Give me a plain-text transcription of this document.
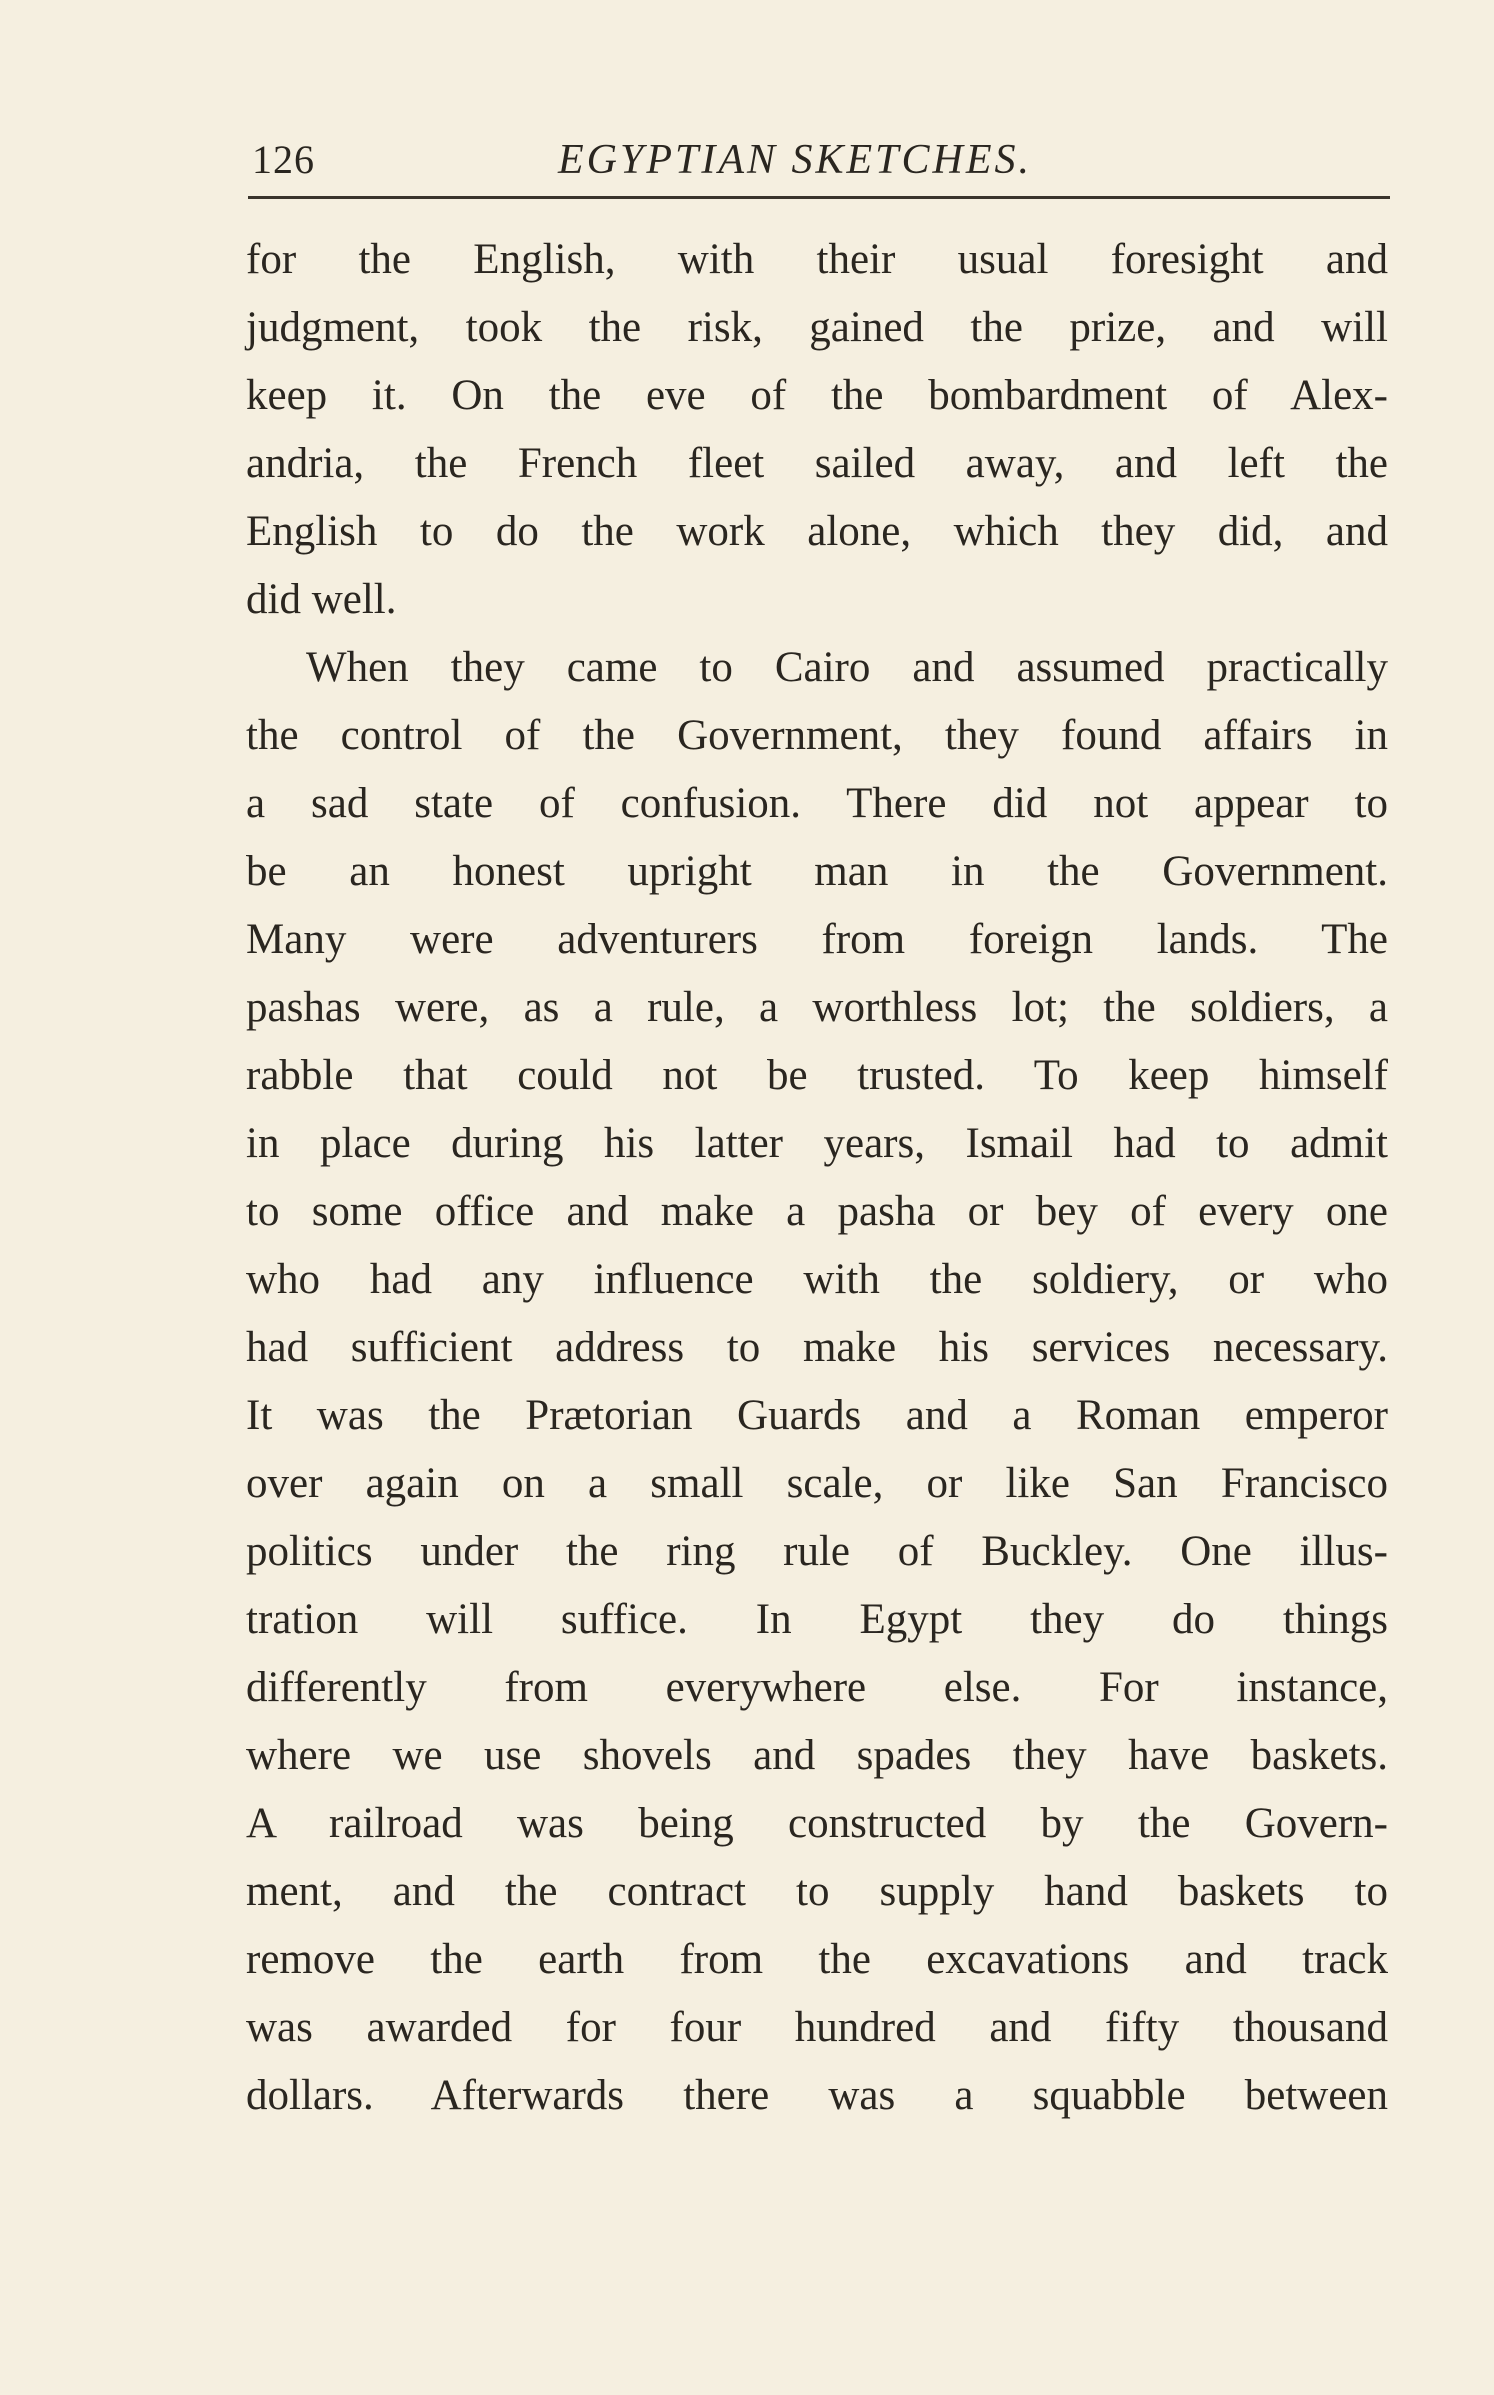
126	EGYPTIAN SKETCHES.
for the English, with their usual foresight and
judgment, took the risk, gained the prize, and will
keep it. On the eve of the bombardment of Alex-
andria, the French fleet sailed away, and left the
English to do the work alone, which they did, and
did well.
When they came to Cairo and assumed practically
the control of the Government, they found affairs in
a sad state of confusion. There did not appear to
be an honest upright man in the Government.
Many were adventurers from foreign lands. The
pashas were, as a rule, a worthless lot; the soldiers, a
rabble that could not be trusted. To keep himself
in place during his latter years, Ismail had to admit
to some office and make a pasha or bey of every one
who had any influence with the soldiery, or who
had sufficient address to make his services necessary.
It was the Prætorian Guards and a Roman emperor
over again on a small scale, or like San Francisco
politics under the ring rule of Buckley. One illus-
tration will suffice. In Egypt they do things
differently from everywhere else. For instance,
where we use shovels and spades they have baskets.
A railroad was being constructed by the Govern-
ment, and the contract to supply hand baskets to
remove the earth from the excavations and track
was awarded for four hundred and fifty thousand
dollars. Afterwards there was a squabble between
